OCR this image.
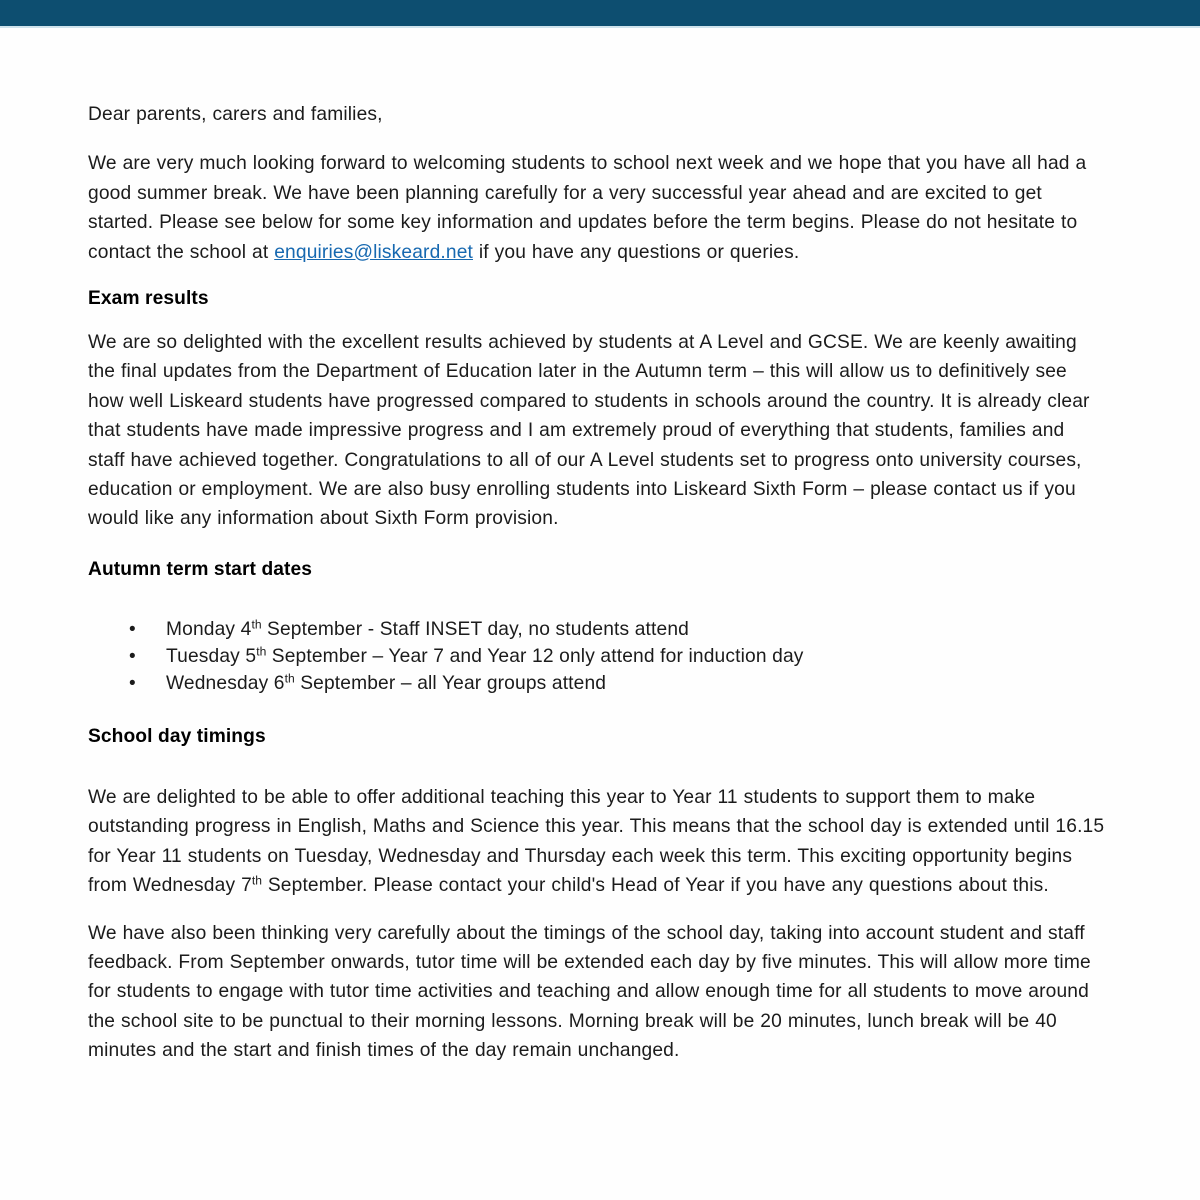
Dear parents, carers and families,

We are very much looking forward to welcoming students to school next week and we hope that you have all had a good summer break. We have been planning carefully for a very successful year ahead and are excited to get started. Please see below for some key information and updates before the term begins. Please do not hesitate to contact the school at enquiries@liskeard.net if you have any questions or queries.

Exam results

We are so delighted with the excellent results achieved by students at A Level and GCSE. We are keenly awaiting the final updates from the Department of Education later in the Autumn term – this will allow us to definitively see how well Liskeard students have progressed compared to students in schools around the country. It is already clear that students have made impressive progress and I am extremely proud of everything that students, families and staff have achieved together. Congratulations to all of our A Level students set to progress onto university courses, education or employment. We are also busy enrolling students into Liskeard Sixth Form – please contact us if you would like any information about Sixth Form provision.

Autumn term start dates
• Monday 4th September - Staff INSET day, no students attend
• Tuesday 5th September – Year 7 and Year 12 only attend for induction day
• Wednesday 6th September – all Year groups attend
School day timings

We are delighted to be able to offer additional teaching this year to Year 11 students to support them to make outstanding progress in English, Maths and Science this year. This means that the school day is extended until 16.15 for Year 11 students on Tuesday, Wednesday and Thursday each week this term. This exciting opportunity begins from Wednesday 7th September. Please contact your child's Head of Year if you have any questions about this.

We have also been thinking very carefully about the timings of the school day, taking into account student and staff feedback. From September onwards, tutor time will be extended each day by five minutes. This will allow more time for students to engage with tutor time activities and teaching and allow enough time for all students to move around the school site to be punctual to their morning lessons. Morning break will be 20 minutes, lunch break will be 40 minutes and the start and finish times of the day remain unchanged.
